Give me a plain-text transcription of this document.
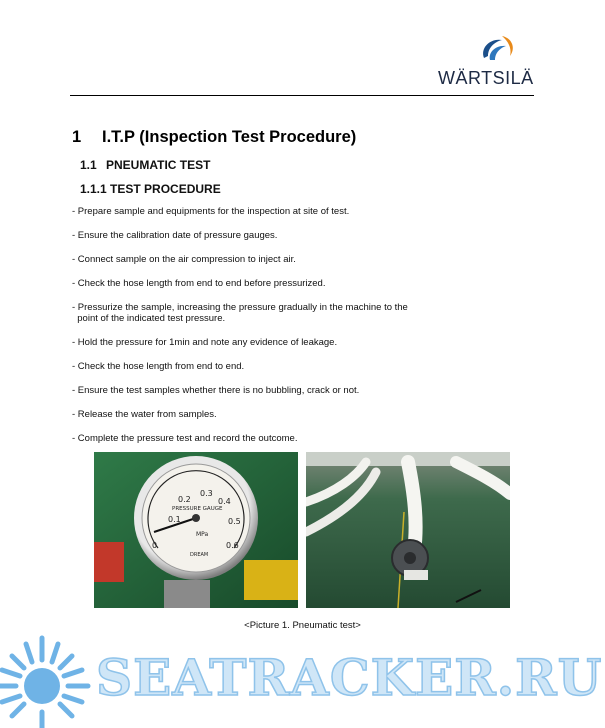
WÄRTSILÄ
1 I.T.P (Inspection Test Procedure)
1.1 PNEUMATIC TEST
1.1.1 TEST PROCEDURE
- Prepare sample and equipments for the inspection at site of test.
- Ensure the calibration date of pressure gauges.
- Connect sample on the air compression to inject air.
- Check the hose length from end to end before pressurized.
- Pressurize the sample, increasing the pressure gradually in the machine to the
point of the indicated test pressure.
- Hold the pressure for 1min and note any evidence of leakage.
- Check the hose length from end to end.
- Ensure the test samples whether there is no bubbling, crack or not.
- Release the water from samples.
- Complete the pressure test and record the outcome.
0
0.1
0.2
0.3
0.4
0.5
0.6
PRESSURE GAUGE
MPa
DREAM
<Picture 1. Pneumatic test>
SEATRACKER.RU
